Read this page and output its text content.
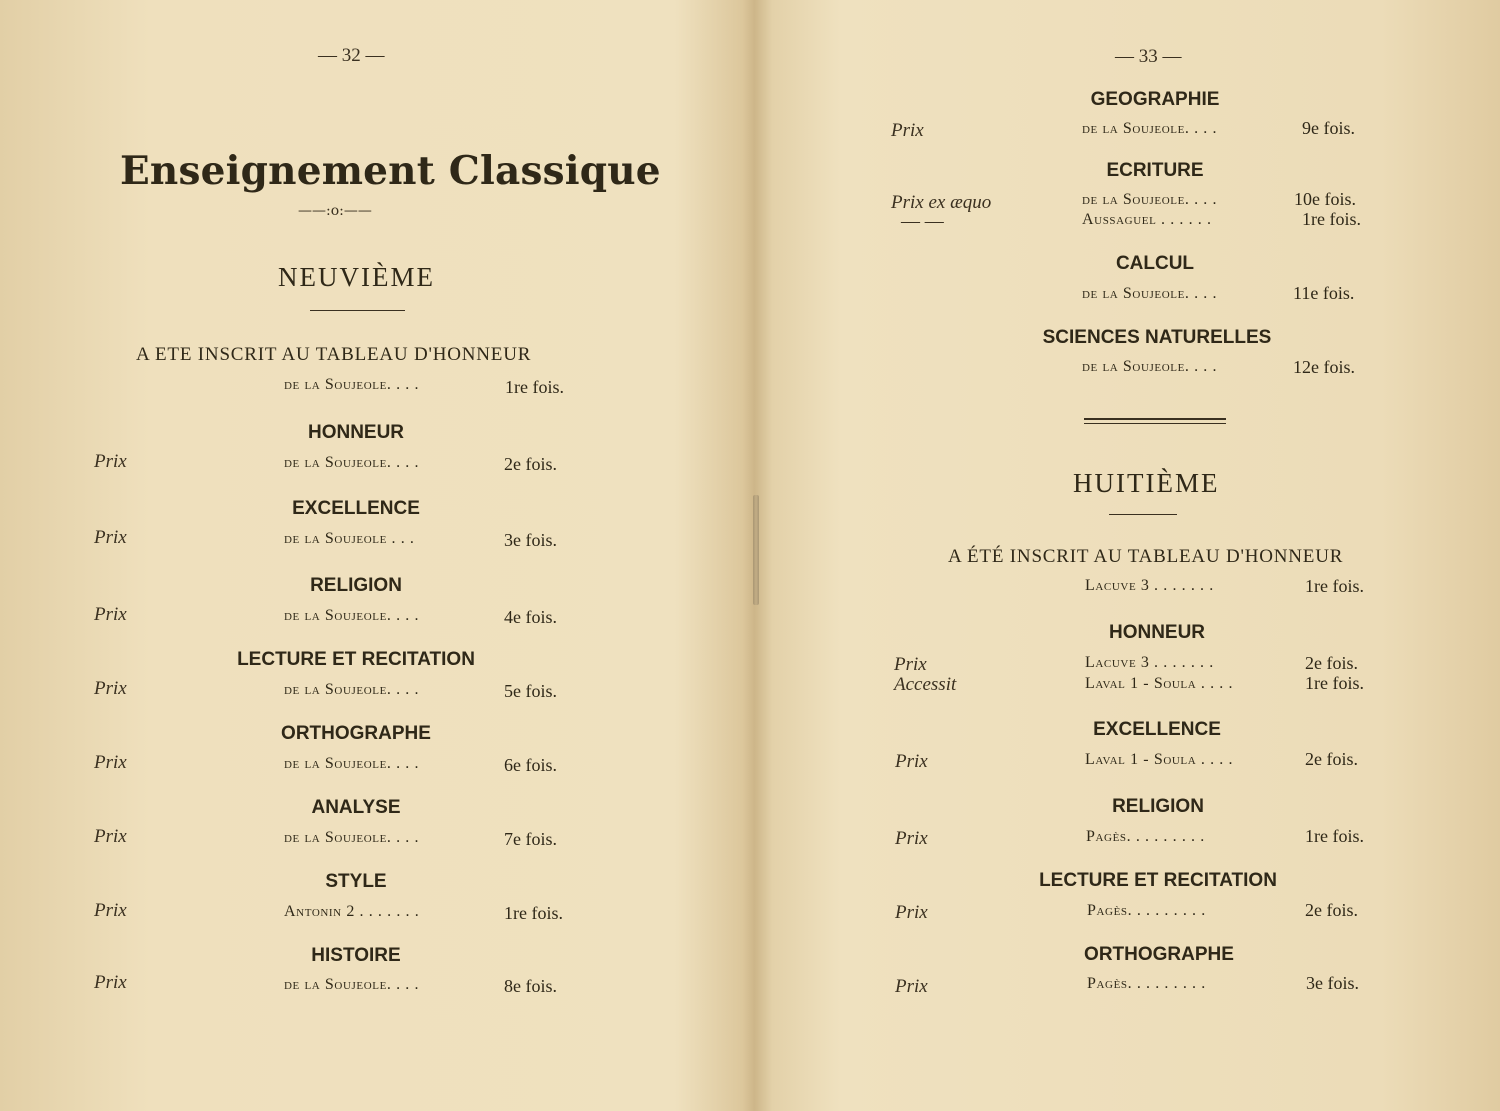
— 32 —
Enseignement Classique
——:o:——
NEUVIÈME
A ETE INSCRIT AU TABLEAU D'HONNEUR
de la Soujeole. . . .	1re fois.
HONNEUR
Prix	de la Soujeole. . . .	2e fois.
EXCELLENCE
Prix	de la Soujeole . . .	3e fois.
RELIGION
Prix	de la Soujeole. . . .	4e fois.
LECTURE ET RECITATION
Prix	de la Soujeole. . . .	5e fois.
ORTHOGRAPHE
Prix	de la Soujeole. . . .	6e fois.
ANALYSE
Prix	de la Soujeole. . . .	7e fois.
STYLE
Prix	Antonin 2 . . . . . . .	1re fois.
HISTOIRE
Prix	de la Soujeole. . . .	8e fois.
— 33 —
GEOGRAPHIE
Prix	de la Soujeole. . . .	9e fois.
ECRITURE
Prix ex æquo	de la Soujeole. . . .	10e fois.
— —	Aussaguel . . . . . .	1re fois.
CALCUL
de la Soujeole. . . .	11e fois.
SCIENCES NATURELLES
de la Soujeole. . . .	12e fois.
HUITIÈME
A ÉTÉ INSCRIT AU TABLEAU D'HONNEUR
Lacuve 3 . . . . . . .	1re fois.
HONNEUR
Prix	Lacuve 3 . . . . . . .	2e fois.
Accessit	Laval 1 - Soula . . . .	1re fois.
EXCELLENCE
Prix	Laval 1 - Soula . . . .	2e fois.
RELIGION
Prix	Pagès. . . . . . . . .	1re fois.
LECTURE ET RECITATION
Prix	Pagès. . . . . . . . .	2e fois.
ORTHOGRAPHE
Prix	Pagès. . . . . . . . .	3e fois.
